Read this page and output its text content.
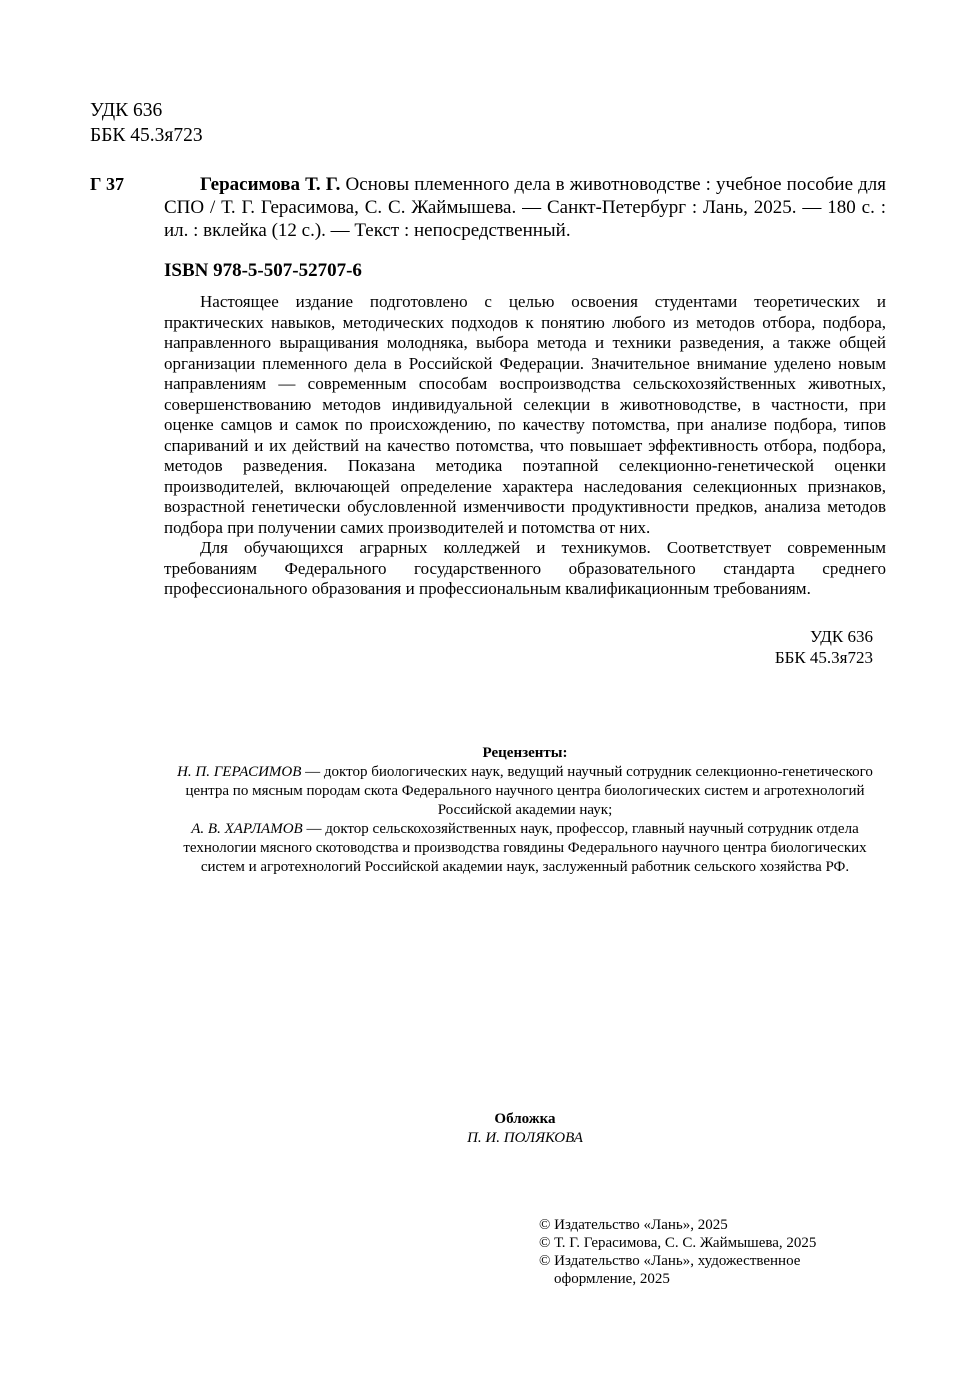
УДК 636
ББК 45.3я723
Г 37	Герасимова Т. Г. Основы племенного дела в животноводстве : учебное пособие для СПО / Т. Г. Герасимова, С. С. Жаймышева. — Санкт-Петербург : Лань, 2025. — 180 с. : ил. : вклейка (12 с.). — Текст : непосредственный.
ISBN 978-5-507-52707-6

Настоящее издание подготовлено с целью освоения студентами теоретических и практических навыков, методических подходов к понятию любого из методов отбора, подбора, направленного выращивания молодняка, выбора метода и техники разведения, а также общей организации племенного дела в Российской Федерации. Значительное внимание уделено новым направлениям — современным способам воспроизводства сельскохозяйственных животных, совершенствованию методов индивидуальной селекции в животноводстве, в частности, при оценке самцов и самок по происхождению, по качеству потомства, при анализе подбора, типов спариваний и их действий на качество потомства, что повышает эффективность отбора, подбора, методов разведения. Показана методика поэтапной селекционно-генетической оценки производителей, включающей определение характера наследования селекционных признаков, возрастной генетически обусловленной изменчивости продуктивности предков, анализа методов подбора при получении самих производителей и потомства от них.

Для обучающихся аграрных колледжей и техникумов. Соответствует современным требованиям Федерального государственного образовательного стандарта среднего профессионального образования и профессиональным квалификационным требованиям.

УДК 636
ББК 45.3я723
Рецензенты:
Н. П. ГЕРАСИМОВ — доктор биологических наук, ведущий научный сотрудник селекционно-генетического центра по мясным породам скота Федерального научного центра биологических систем и агротехнологий Российской академии наук;
А. В. ХАРЛАМОВ — доктор сельскохозяйственных наук, профессор, главный научный сотрудник отдела технологии мясного скотоводства и производства говядины Федерального научного центра биологических систем и агротехнологий Российской академии наук, заслуженный работник сельского хозяйства РФ.
Обложка
П. И. ПОЛЯКОВА
© Издательство «Лань», 2025
© Т. Г. Герасимова, С. С. Жаймышева, 2025
© Издательство «Лань», художественное
оформление, 2025
